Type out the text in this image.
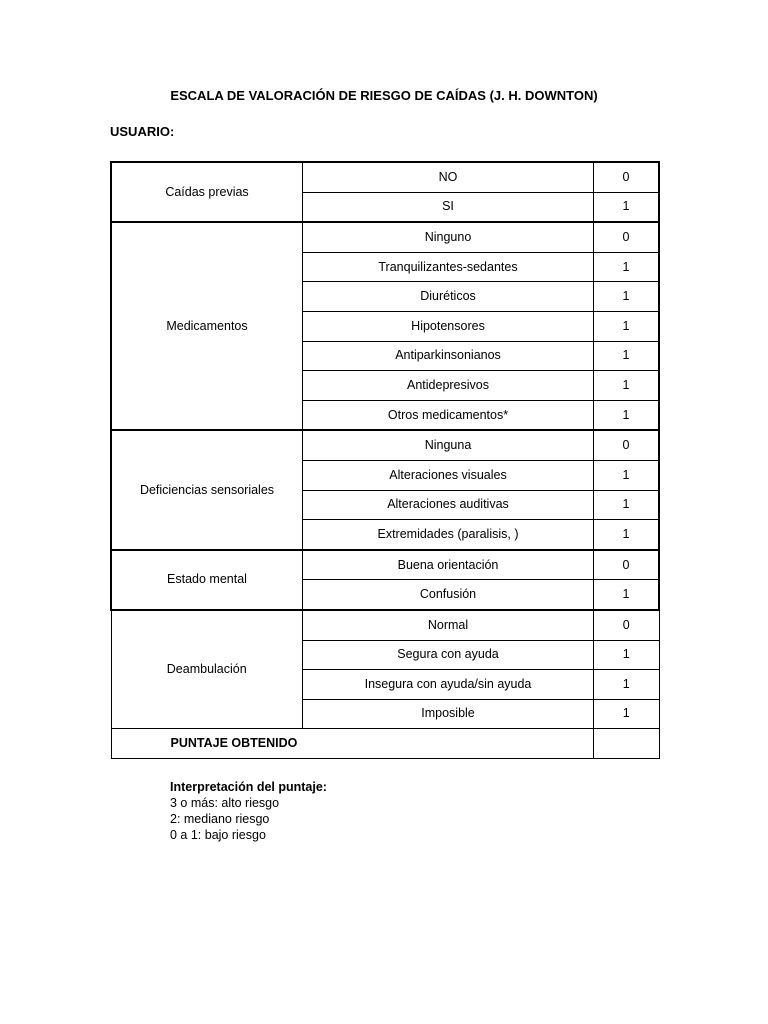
ESCALA DE VALORACIÓN DE RIESGO DE CAÍDAS (J. H. DOWNTON)
USUARIO:
Caídas previas	NO	0
	SI	1
Medicamentos	Ninguno	0
	Tranquilizantes-sedantes	1
	Diuréticos	1
	Hipotensores	1
	Antiparkinsonianos	1
	Antidepresivos	1
	Otros medicamentos*	1
Deficiencias sensoriales	Ninguna	0
	Alteraciones visuales	1
	Alteraciones auditivas	1
	Extremidades (paralisis, )	1
Estado mental	Buena orientación	0
	Confusión	1
Deambulación	Normal	0
	Segura con ayuda	1
	Insegura con ayuda/sin ayuda	1
	Imposible	1
PUNTAJE OBTENIDO		
Interpretación del puntaje:
3 o más: alto riesgo
2: mediano riesgo
0 a 1: bajo riesgo
